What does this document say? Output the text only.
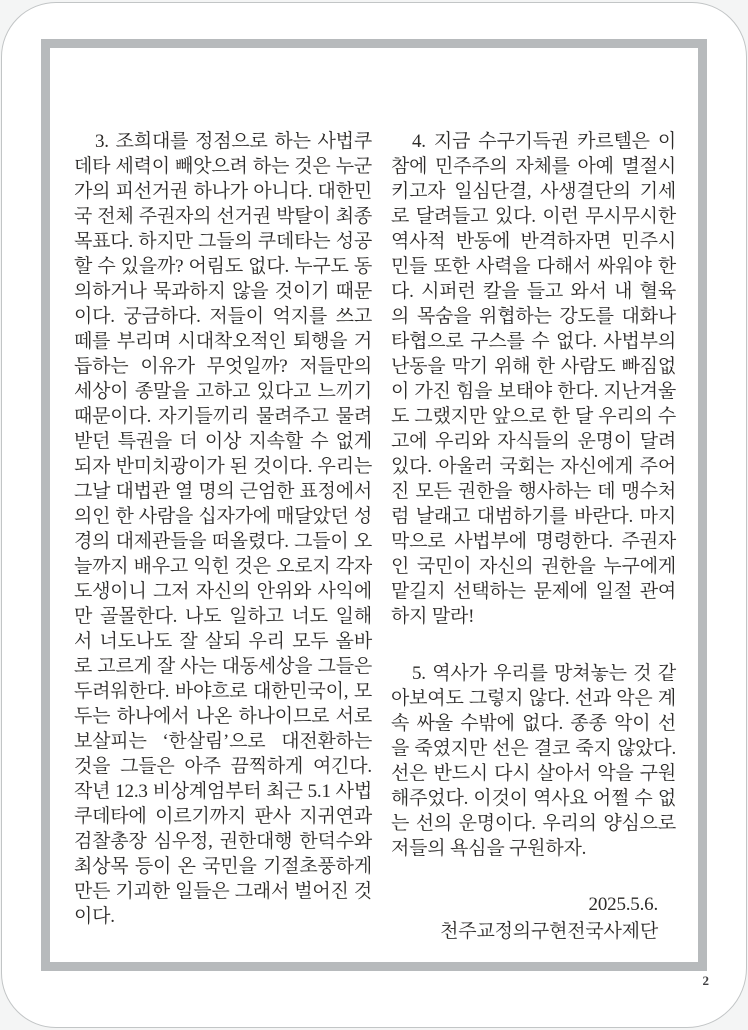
3. 조희대를 정점으로 하는 사법쿠데타 세력이 빼앗으려 하는 것은 누군가의 피선거권 하나가 아니다. 대한민국 전체 주권자의 선거권 박탈이 최종목표다. 하지만 그들의 쿠데타는 성공할 수 있을까? 어림도 없다. 누구도 동의하거나 묵과하지 않을 것이기 때문이다. 궁금하다. 저들이 억지를 쓰고 떼를 부리며 시대착오적인 퇴행을 거듭하는 이유가 무엇일까? 저들만의 세상이 종말을 고하고 있다고 느끼기 때문이다. 자기들끼리 물려주고 물려받던 특권을 더 이상 지속할 수 없게 되자 반미치광이가 된 것이다. 우리는 그날 대법관 열 명의 근엄한 표정에서 의인 한 사람을 십자가에 매달았던 성경의 대제관들을 떠올렸다. 그들이 오늘까지 배우고 익힌 것은 오로지 각자도생이니 그저 자신의 안위와 사익에만 골몰한다. 나도 일하고 너도 일해서 너도나도 잘 살되 우리 모두 올바로 고르게 잘 사는 대동세상을 그들은 두려워한다. 바야흐로 대한민국이, 모두는 하나에서 나온 하나이므로 서로 보살피는 ‘한살림’으로 대전환하는 것을 그들은 아주 끔찍하게 여긴다. 작년 12.3 비상계엄부터 최근 5.1 사법쿠데타에 이르기까지 판사 지귀연과 검찰총장 심우정, 권한대행 한덕수와 최상목 등이 온 국민을 기절초풍하게 만든 기괴한 일들은 그래서 벌어진 것이다.

4. 지금 수구기득권 카르텔은 이참에 민주주의 자체를 아예 멸절시키고자 일심단결, 사생결단의 기세로 달려들고 있다. 이런 무시무시한 역사적 반동에 반격하자면 민주시민들 또한 사력을 다해서 싸워야 한다. 시퍼런 칼을 들고 와서 내 혈육의 목숨을 위협하는 강도를 대화나 타협으로 구스를 수 없다. 사법부의 난동을 막기 위해 한 사람도 빠짐없이 가진 힘을 보태야 한다. 지난겨울도 그랬지만 앞으로 한 달 우리의 수고에 우리와 자식들의 운명이 달려 있다. 아울러 국회는 자신에게 주어진 모든 권한을 행사하는 데 맹수처럼 날래고 대범하기를 바란다. 마지막으로 사법부에 명령한다. 주권자인 국민이 자신의 권한을 누구에게 맡길지 선택하는 문제에 일절 관여하지 말라!

5. 역사가 우리를 망쳐놓는 것 같아보여도 그렇지 않다. 선과 악은 계속 싸울 수밖에 없다. 종종 악이 선을 죽였지만 선은 결코 죽지 않았다. 선은 반드시 다시 살아서 악을 구원해주었다. 이것이 역사요 어쩔 수 없는 선의 운명이다. 우리의 양심으로 저들의 욕심을 구원하자.

2025.5.6.
천주교정의구현전국사제단
2
